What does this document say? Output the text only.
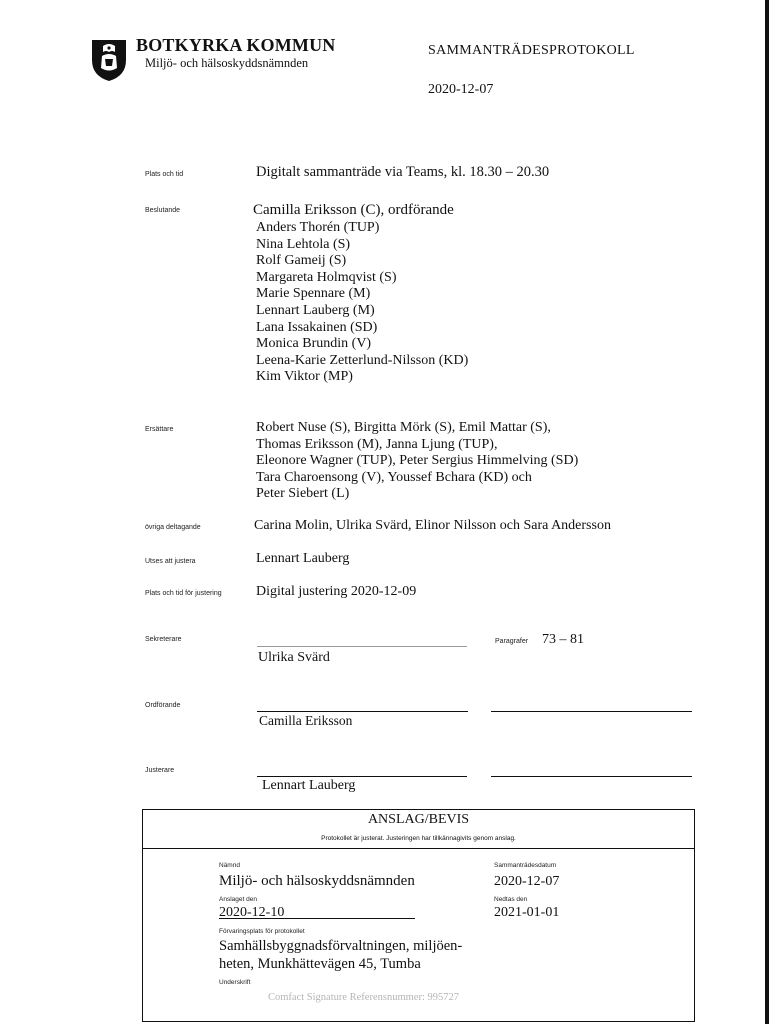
BOTKYRKA KOMMUN
Miljö- och hälsoskyddsnämnden
SAMMANTRÄDESPROTOKOLL
2020-12-07
Plats och tid	Digitalt sammanträde via Teams, kl. 18.30 – 20.30
Beslutande	Camilla Eriksson (C), ordförande
Anders Thorén (TUP)
Nina Lehtola (S)
Rolf Gameij (S)
Margareta Holmqvist (S)
Marie Spennare (M)
Lennart Lauberg (M)
Lana Issakainen (SD)
Monica Brundin (V)
Leena-Karie Zetterlund-Nilsson (KD)
Kim Viktor (MP)
Ersättare	Robert Nuse (S), Birgitta Mörk (S), Emil Mattar (S),
Thomas Eriksson (M), Janna Ljung (TUP),
Eleonore Wagner (TUP), Peter Sergius Himmelving (SD)
Tara Charoensong (V), Youssef Bchara (KD) och
Peter Siebert (L)
övriga deltagande	Carina Molin, Ulrika Svärd, Elinor Nilsson och Sara Andersson
Utses att justera	Lennart Lauberg
Plats och tid för justering Digital justering 2020-12-09
Sekreterare
Ulrika Svärd
Paragrafer 73 – 81
Ordförande
Camilla Eriksson
Justerare
Lennart Lauberg
ANSLAG/BEVIS
Protokollet är justerat. Justeringen har tillkännagivits genom anslag.
Nämnd
Miljö- och hälsoskyddsnämnden
Sammanträdesdatum
2020-12-07
Anslaget den
2020-12-10
Nedtas den
2021-01-01
Förvaringsplats för protokollet
Samhällsbyggnadsförvaltningen, miljöen-
heten, Munkhättevägen 45, Tumba
Underskrift
Comfact Signature Referensnummer: 995727
